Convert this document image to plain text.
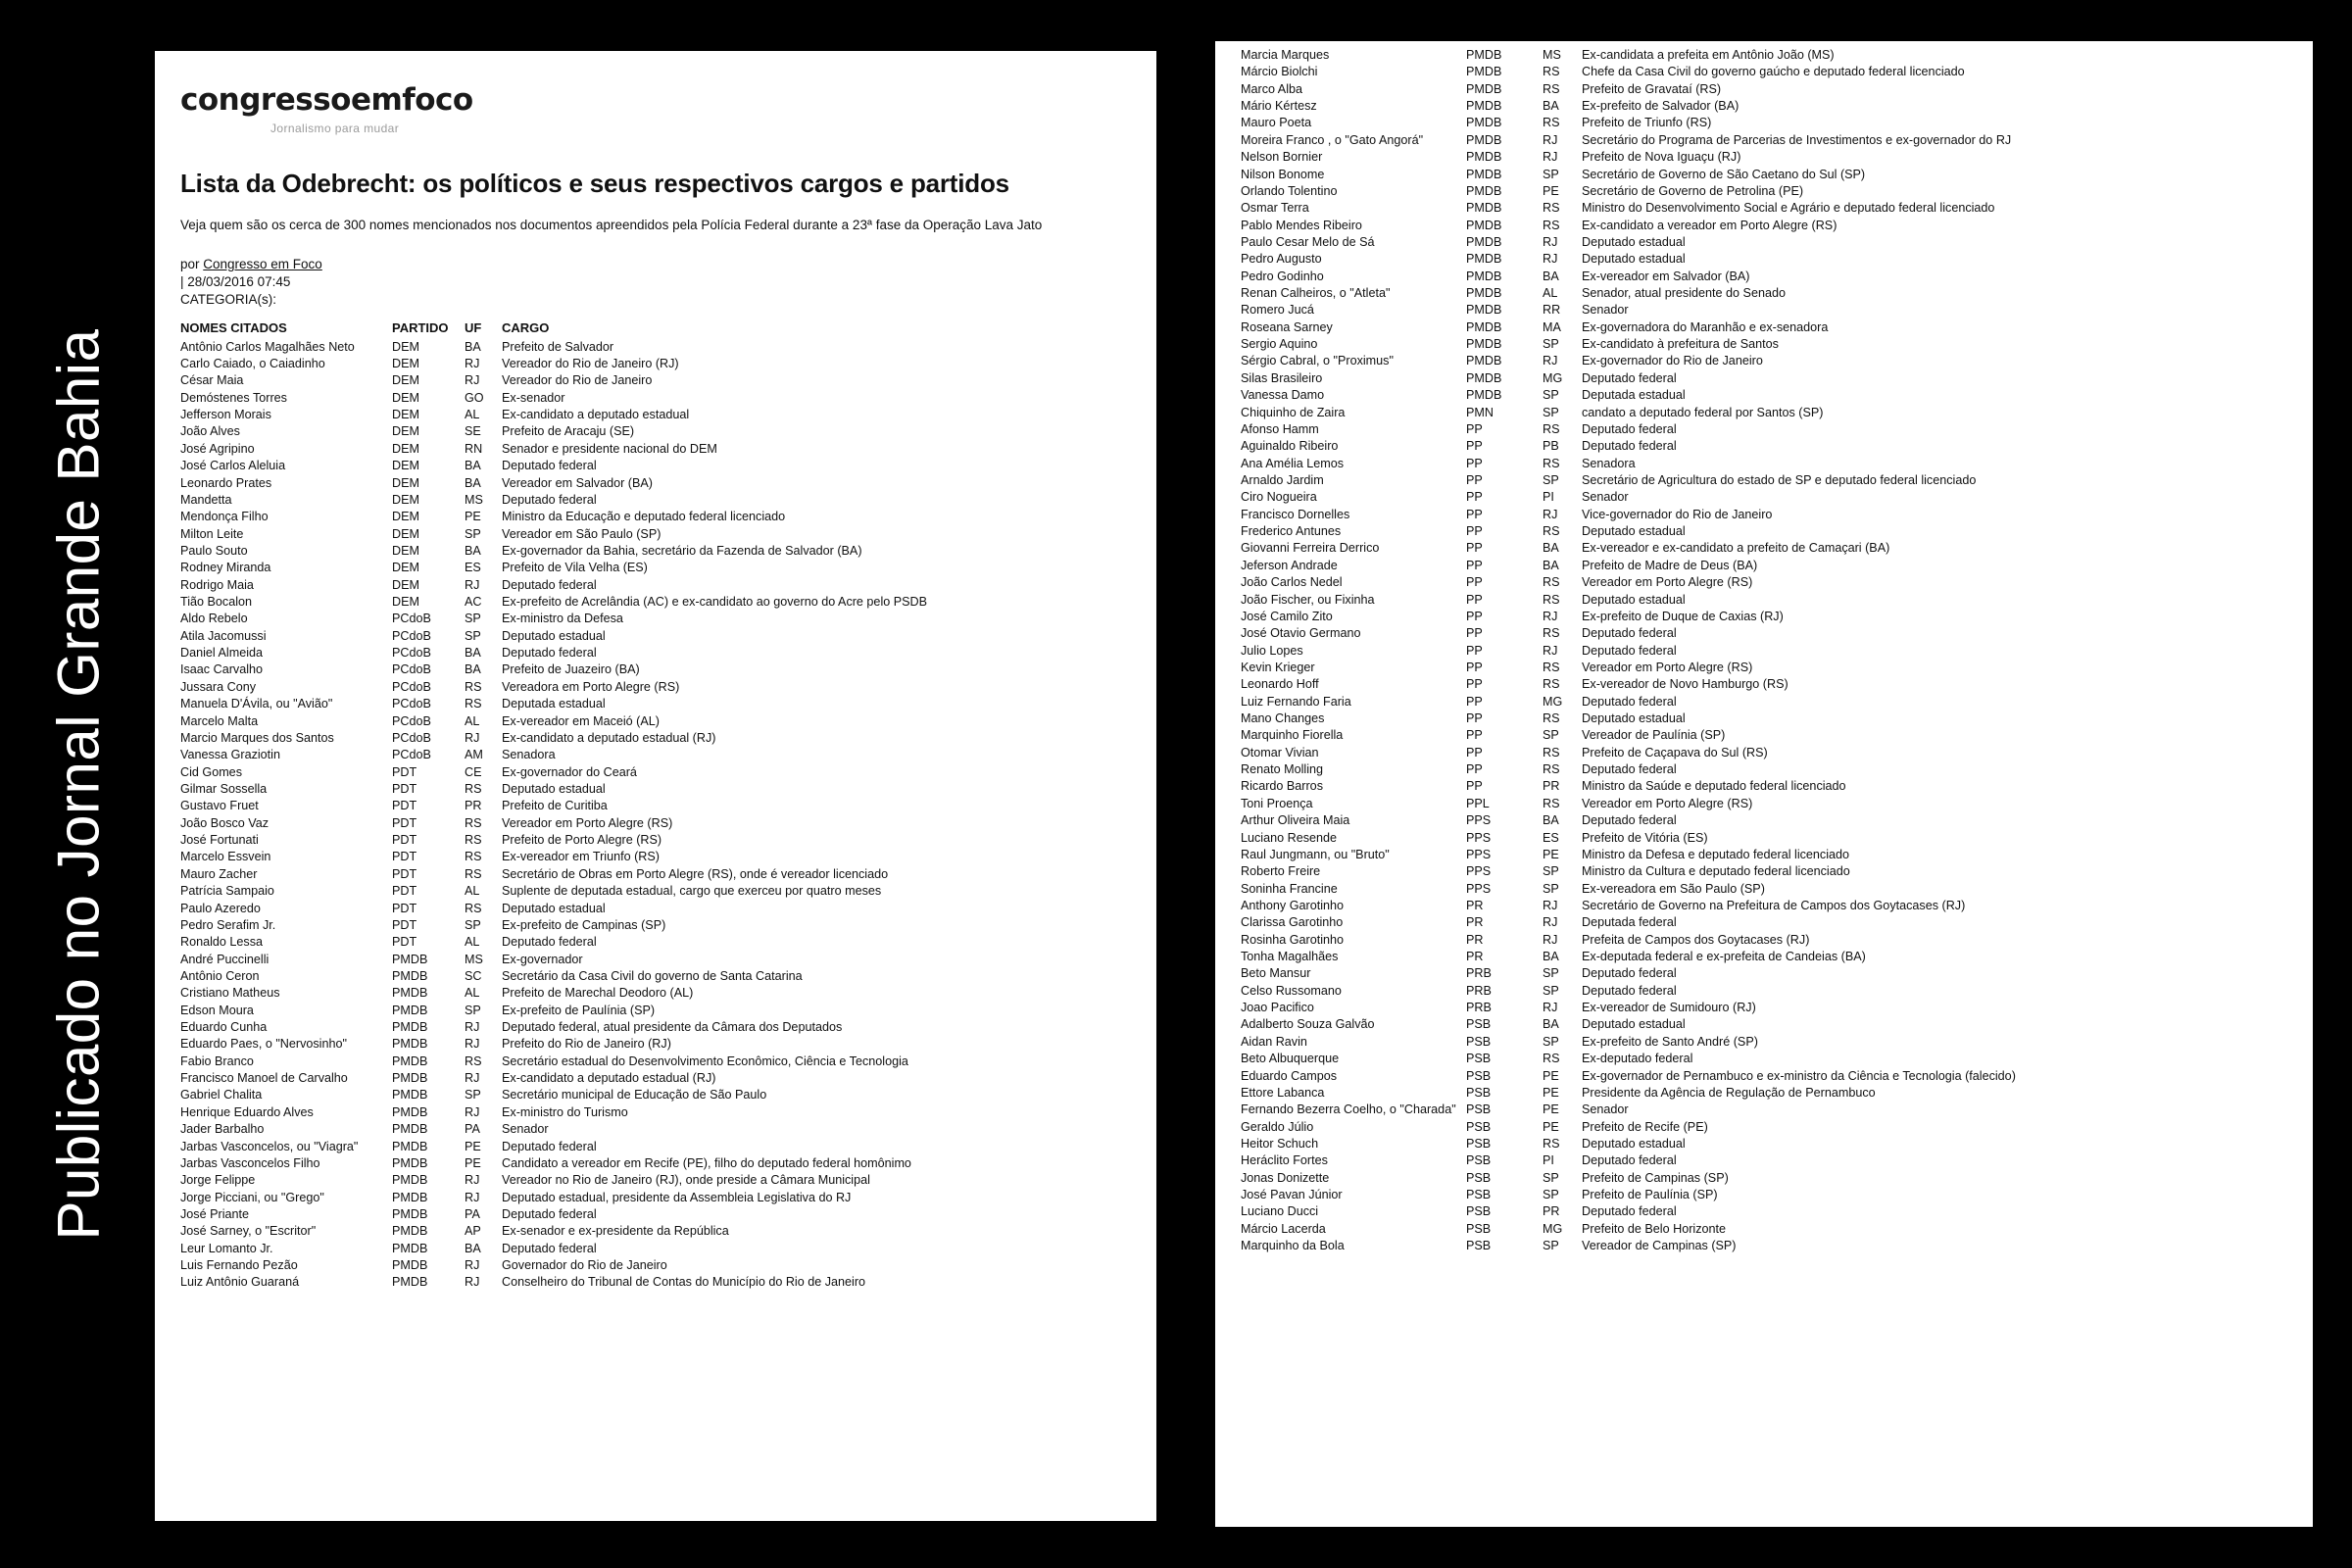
Publicado no Jornal Grande Bahia
congressoemfoco
Jornalismo para mudar
Lista da Odebrecht: os políticos e seus respectivos cargos e partidos

Veja quem são os cerca de 300 nomes mencionados nos documentos apreendidos pela Polícia Federal durante a 23ª fase da Operação Lava Jato

por Congresso em Foco
| 28/03/2016 07:45
CATEGORIA(s):
NOMES CITADOS	PARTIDO	UF	CARGO
Antônio Carlos Magalhães Neto	DEM	BA	Prefeito de Salvador
Carlo Caiado, o Caiadinho	DEM	RJ	Vereador do Rio de Janeiro (RJ)
César Maia	DEM	RJ	Vereador do Rio de Janeiro
Demóstenes Torres	DEM	GO	Ex-senador
Jefferson Morais	DEM	AL	Ex-candidato a deputado estadual
João Alves	DEM	SE	Prefeito de Aracaju (SE)
José Agripino	DEM	RN	Senador e presidente nacional do DEM
José Carlos Aleluia	DEM	BA	Deputado federal
Leonardo Prates	DEM	BA	Vereador em Salvador (BA)
Mandetta	DEM	MS	Deputado federal
Mendonça Filho	DEM	PE	Ministro da Educação e deputado federal licenciado
Milton Leite	DEM	SP	Vereador em São Paulo (SP)
Paulo Souto	DEM	BA	Ex-governador da Bahia, secretário da Fazenda de Salvador (BA)
Rodney Miranda	DEM	ES	Prefeito de Vila Velha (ES)
Rodrigo Maia	DEM	RJ	Deputado federal
Tião Bocalon	DEM	AC	Ex-prefeito de Acrelândia (AC) e ex-candidato ao governo do Acre pelo PSDB
Aldo Rebelo	PCdoB	SP	Ex-ministro da Defesa
Atila Jacomussi	PCdoB	SP	Deputado estadual
Daniel Almeida	PCdoB	BA	Deputado federal
Isaac Carvalho	PCdoB	BA	Prefeito de Juazeiro (BA)
Jussara Cony	PCdoB	RS	Vereadora em Porto Alegre (RS)
Manuela D'Ávila, ou "Avião"	PCdoB	RS	Deputada estadual
Marcelo Malta	PCdoB	AL	Ex-vereador em Maceió (AL)
Marcio Marques dos Santos	PCdoB	RJ	Ex-candidato a deputado estadual (RJ)
Vanessa Graziotin	PCdoB	AM	Senadora
Cid Gomes	PDT	CE	Ex-governador do Ceará
Gilmar Sossella	PDT	RS	Deputado estadual
Gustavo Fruet	PDT	PR	Prefeito de Curitiba
João Bosco Vaz	PDT	RS	Vereador em Porto Alegre (RS)
José Fortunati	PDT	RS	Prefeito de Porto Alegre (RS)
Marcelo Essvein	PDT	RS	Ex-vereador em Triunfo (RS)
Mauro Zacher	PDT	RS	Secretário de Obras em Porto Alegre (RS), onde é vereador licenciado
Patrícia Sampaio	PDT	AL	Suplente de deputada estadual, cargo que exerceu por quatro meses
Paulo Azeredo	PDT	RS	Deputado estadual
Pedro Serafim Jr.	PDT	SP	Ex-prefeito de Campinas (SP)
Ronaldo Lessa	PDT	AL	Deputado federal
André Puccinelli	PMDB	MS	Ex-governador
Antônio Ceron	PMDB	SC	Secretário da Casa Civil do governo de Santa Catarina
Cristiano Matheus	PMDB	AL	Prefeito de Marechal Deodoro (AL)
Edson Moura	PMDB	SP	Ex-prefeito de Paulínia (SP)
Eduardo Cunha	PMDB	RJ	Deputado federal, atual presidente da Câmara dos Deputados
Eduardo Paes, o "Nervosinho"	PMDB	RJ	Prefeito do Rio de Janeiro (RJ)
Fabio Branco	PMDB	RS	Secretário estadual do Desenvolvimento Econômico, Ciência e Tecnologia
Francisco Manoel de Carvalho	PMDB	RJ	Ex-candidato a deputado estadual (RJ)
Gabriel Chalita	PMDB	SP	Secretário municipal de Educação de São Paulo
Henrique Eduardo Alves	PMDB	RJ	Ex-ministro do Turismo
Jader Barbalho	PMDB	PA	Senador
Jarbas Vasconcelos, ou "Viagra"	PMDB	PE	Deputado federal
Jarbas Vasconcelos Filho	PMDB	PE	Candidato a vereador em Recife (PE), filho do deputado federal homônimo
Jorge Felippe	PMDB	RJ	Vereador no Rio de Janeiro (RJ), onde preside a Câmara Municipal
Jorge Picciani, ou "Grego"	PMDB	RJ	Deputado estadual, presidente da Assembleia Legislativa do RJ
José Priante	PMDB	PA	Deputado federal
José Sarney, o "Escritor"	PMDB	AP	Ex-senador e ex-presidente da República
Leur Lomanto Jr.	PMDB	BA	Deputado federal
Luis Fernando Pezão	PMDB	RJ	Governador do Rio de Janeiro
Luiz Antônio Guaraná	PMDB	RJ	Conselheiro do Tribunal de Contas do Município do Rio de Janeiro
Marcia Marques	PMDB	MS	Ex-candidata a prefeita em Antônio João (MS)
Márcio Biolchi	PMDB	RS	Chefe da Casa Civil do governo gaúcho e deputado federal licenciado
Marco Alba	PMDB	RS	Prefeito de Gravataí (RS)
Mário Kértesz	PMDB	BA	Ex-prefeito de Salvador (BA)
Mauro Poeta	PMDB	RS	Prefeito de Triunfo (RS)
Moreira Franco , o "Gato Angorá"	PMDB	RJ	Secretário do Programa de Parcerias de Investimentos e ex-governador do RJ
Nelson Bornier	PMDB	RJ	Prefeito de Nova Iguaçu (RJ)
Nilson Bonome	PMDB	SP	Secretário de Governo de São Caetano do Sul (SP)
Orlando Tolentino	PMDB	PE	Secretário de Governo de Petrolina (PE)
Osmar Terra	PMDB	RS	Ministro do Desenvolvimento Social e Agrário e deputado federal licenciado
Pablo Mendes Ribeiro	PMDB	RS	Ex-candidato a vereador em Porto Alegre (RS)
Paulo Cesar Melo de Sá	PMDB	RJ	Deputado estadual
Pedro Augusto	PMDB	RJ	Deputado estadual
Pedro Godinho	PMDB	BA	Ex-vereador em Salvador (BA)
Renan Calheiros, o "Atleta"	PMDB	AL	Senador, atual presidente do Senado
Romero Jucá	PMDB	RR	Senador
Roseana Sarney	PMDB	MA	Ex-governadora do Maranhão e ex-senadora
Sergio Aquino	PMDB	SP	Ex-candidato à prefeitura de Santos
Sérgio Cabral, o "Proximus"	PMDB	RJ	Ex-governador do Rio de Janeiro
Silas Brasileiro	PMDB	MG	Deputado federal
Vanessa Damo	PMDB	SP	Deputada estadual
Chiquinho de Zaira	PMN	SP	candato a deputado federal por Santos (SP)
Afonso Hamm	PP	RS	Deputado federal
Aguinaldo Ribeiro	PP	PB	Deputado federal
Ana Amélia Lemos	PP	RS	Senadora
Arnaldo Jardim	PP	SP	Secretário de Agricultura do estado de SP e deputado federal licenciado
Ciro Nogueira	PP	PI	Senador
Francisco Dornelles	PP	RJ	Vice-governador do Rio de Janeiro
Frederico Antunes	PP	RS	Deputado estadual
Giovanni Ferreira Derrico	PP	BA	Ex-vereador e ex-candidato a prefeito de Camaçari (BA)
Jeferson Andrade	PP	BA	Prefeito de Madre de Deus (BA)
João Carlos Nedel	PP	RS	Vereador em Porto Alegre (RS)
João Fischer, ou Fixinha	PP	RS	Deputado estadual
José Camilo Zito	PP	RJ	Ex-prefeito de Duque de Caxias (RJ)
José Otavio Germano	PP	RS	Deputado federal
Julio Lopes	PP	RJ	Deputado federal
Kevin Krieger	PP	RS	Vereador em Porto Alegre (RS)
Leonardo Hoff	PP	RS	Ex-vereador de Novo Hamburgo (RS)
Luiz Fernando Faria	PP	MG	Deputado federal
Mano Changes	PP	RS	Deputado estadual
Marquinho Fiorella	PP	SP	Vereador de Paulínia (SP)
Otomar Vivian	PP	RS	Prefeito de Caçapava do Sul (RS)
Renato Molling	PP	RS	Deputado federal
Ricardo Barros	PP	PR	Ministro da Saúde e deputado federal licenciado
Toni Proença	PPL	RS	Vereador em Porto Alegre (RS)
Arthur Oliveira Maia	PPS	BA	Deputado federal
Luciano Resende	PPS	ES	Prefeito de Vitória (ES)
Raul Jungmann, ou "Bruto"	PPS	PE	Ministro da Defesa e deputado federal licenciado
Roberto Freire	PPS	SP	Ministro da Cultura e deputado federal licenciado
Soninha Francine	PPS	SP	Ex-vereadora em São Paulo (SP)
Anthony Garotinho	PR	RJ	Secretário de Governo na Prefeitura de Campos dos Goytacases (RJ)
Clarissa Garotinho	PR	RJ	Deputada federal
Rosinha Garotinho	PR	RJ	Prefeita de Campos dos Goytacases (RJ)
Tonha Magalhães	PR	BA	Ex-deputada federal e ex-prefeita de Candeias (BA)
Beto Mansur	PRB	SP	Deputado federal
Celso Russomano	PRB	SP	Deputado federal
Joao Pacifico	PRB	RJ	Ex-vereador de Sumidouro (RJ)
Adalberto Souza Galvão	PSB	BA	Deputado estadual
Aidan Ravin	PSB	SP	Ex-prefeito de Santo André (SP)
Beto Albuquerque	PSB	RS	Ex-deputado federal
Eduardo Campos	PSB	PE	Ex-governador de Pernambuco e ex-ministro da Ciência e Tecnologia (falecido)
Ettore Labanca	PSB	PE	Presidente da Agência de Regulação de Pernambuco
Fernando Bezerra Coelho, o "Charada"	PSB	PE	Senador
Geraldo Júlio	PSB	PE	Prefeito de Recife (PE)
Heitor Schuch	PSB	RS	Deputado estadual
Heráclito Fortes	PSB	PI	Deputado federal
Jonas Donizette	PSB	SP	Prefeito de Campinas (SP)
José Pavan Júnior	PSB	SP	Prefeito de Paulínia (SP)
Luciano Ducci	PSB	PR	Deputado federal
Márcio Lacerda	PSB	MG	Prefeito de Belo Horizonte
Marquinho da Bola	PSB	SP	Vereador de Campinas (SP)
